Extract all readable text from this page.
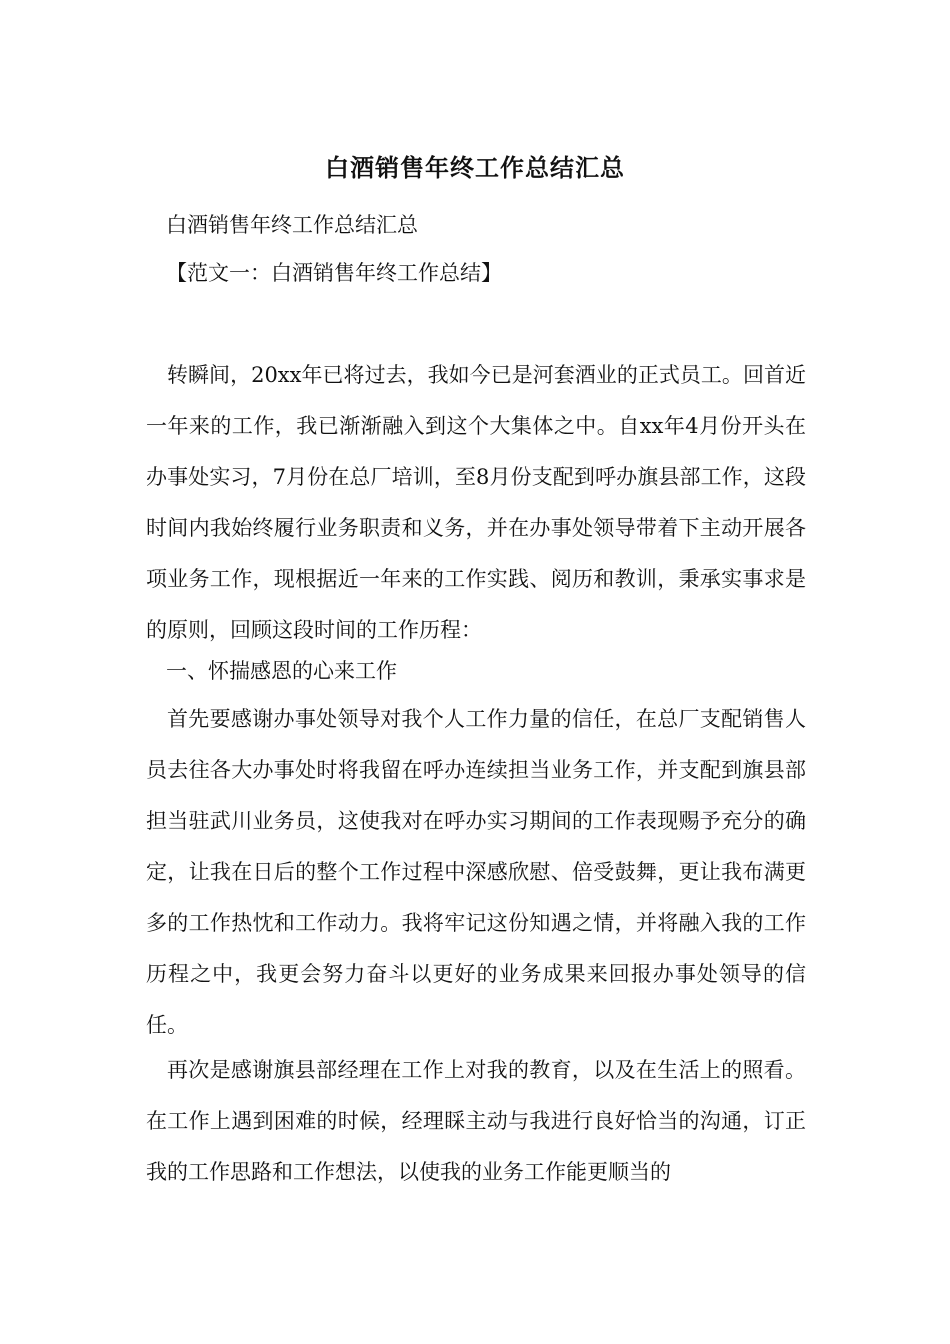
白酒销售年终工作总结汇总
白酒销售年终工作总结汇总
【范文一：白酒销售年终工作总结】

转瞬间，20xx年已将过去，我如今已是河套酒业的正式员工。回首近一年来的工作，我已渐渐融入到这个大集体之中。自xx年4月份开头在办事处实习，7月份在总厂培训，至8月份支配到呼办旗县部工作，这段时间内我始终履行业务职责和义务，并在办事处领导带着下主动开展各项业务工作，现根据近一年来的工作实践、阅历和教训，秉承实事求是的原则，回顾这段时间的工作历程：

一、怀揣感恩的心来工作

首先要感谢办事处领导对我个人工作力量的信任，在总厂支配销售人员去往各大办事处时将我留在呼办连续担当业务工作，并支配到旗县部担当驻武川业务员，这使我对在呼办实习期间的工作表现赐予充分的确定，让我在日后的整个工作过程中深感欣慰、倍受鼓舞，更让我布满更多的工作热忱和工作动力。我将牢记这份知遇之情，并将融入我的工作历程之中，我更会努力奋斗以更好的业务成果来回报办事处领导的信任。

再次是感谢旗县部经理在工作上对我的教育，以及在生活上的照看。在工作上遇到困难的时候，经理睬主动与我进行良好恰当的沟通，订正我的工作思路和工作想法，以使我的业务工作能更顺当的
